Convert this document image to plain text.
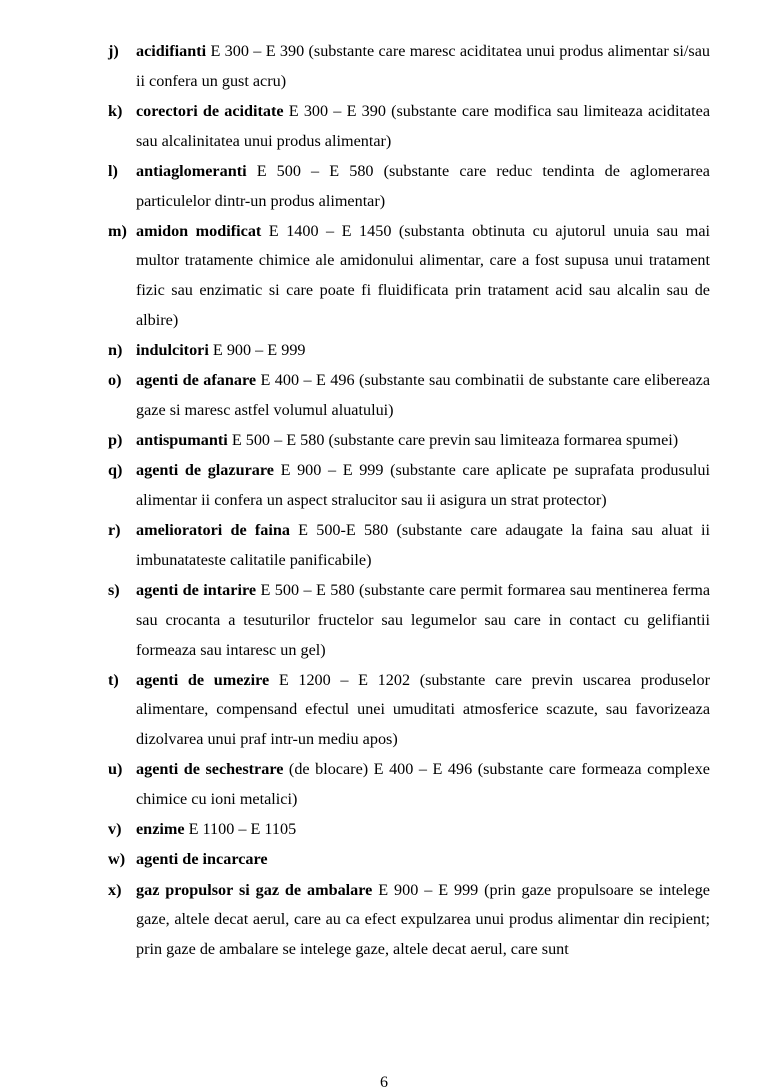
j)	acidifianti E 300 – E 390 (substante care maresc aciditatea unui produs alimentar si/sau ii confera un gust acru)
k) corectori de aciditate E 300 – E 390 (substante care modifica sau limiteaza aciditatea sau alcalinitatea unui produs alimentar)
l)	antiaglomeranti E 500 – E 580 (substante care reduc tendinta de aglomerarea particulelor dintr-un produs alimentar)
m) amidon modificat E 1400 – E 1450 (substanta obtinuta cu ajutorul unuia sau mai multor tratamente chimice ale amidonului alimentar, care a fost supusa unui tratament fizic sau enzimatic si care poate fi fluidificata prin tratament acid sau alcalin sau de albire)
n) indulcitori E 900 – E 999
o) agenti de afanare E 400 – E 496 (substante sau combinatii de substante care elibereaza gaze si maresc astfel volumul aluatului)
p) antispumanti E 500 – E 580 (substante care previn sau limiteaza formarea spumei)
q) agenti de glazurare E 900 – E 999 (substante care aplicate pe suprafata produsului alimentar ii confera un aspect stralucitor sau ii asigura un strat protector)
r) amelioratori de faina E 500-E 580 (substante care adaugate la faina sau aluat ii imbunatateste calitatile panificabile)
s)	agenti de intarire E 500 – E 580 (substante care permit formarea sau mentinerea ferma sau crocanta a tesuturilor fructelor sau legumelor sau care in contact cu gelifiantii formeaza sau intaresc un gel)
t)	agenti de umezire E 1200 – E 1202 (substante care previn uscarea produselor alimentare, compensand efectul unei umuditati atmosferice scazute, sau favorizeaza dizolvarea unui praf intr-un mediu apos)
u) agenti de sechestrare (de blocare) E 400 – E 496 (substante care formeaza complexe chimice cu ioni metalici)
v) enzime E 1100 – E 1105
w) agenti de incarcare
x) gaz propulsor si gaz de ambalare E 900 – E 999 (prin gaze propulsoare se intelege gaze, altele decat aerul, care au ca efect expulzarea unui produs alimentar din recipient; prin gaze de ambalare se intelege gaze, altele decat aerul, care sunt
6
